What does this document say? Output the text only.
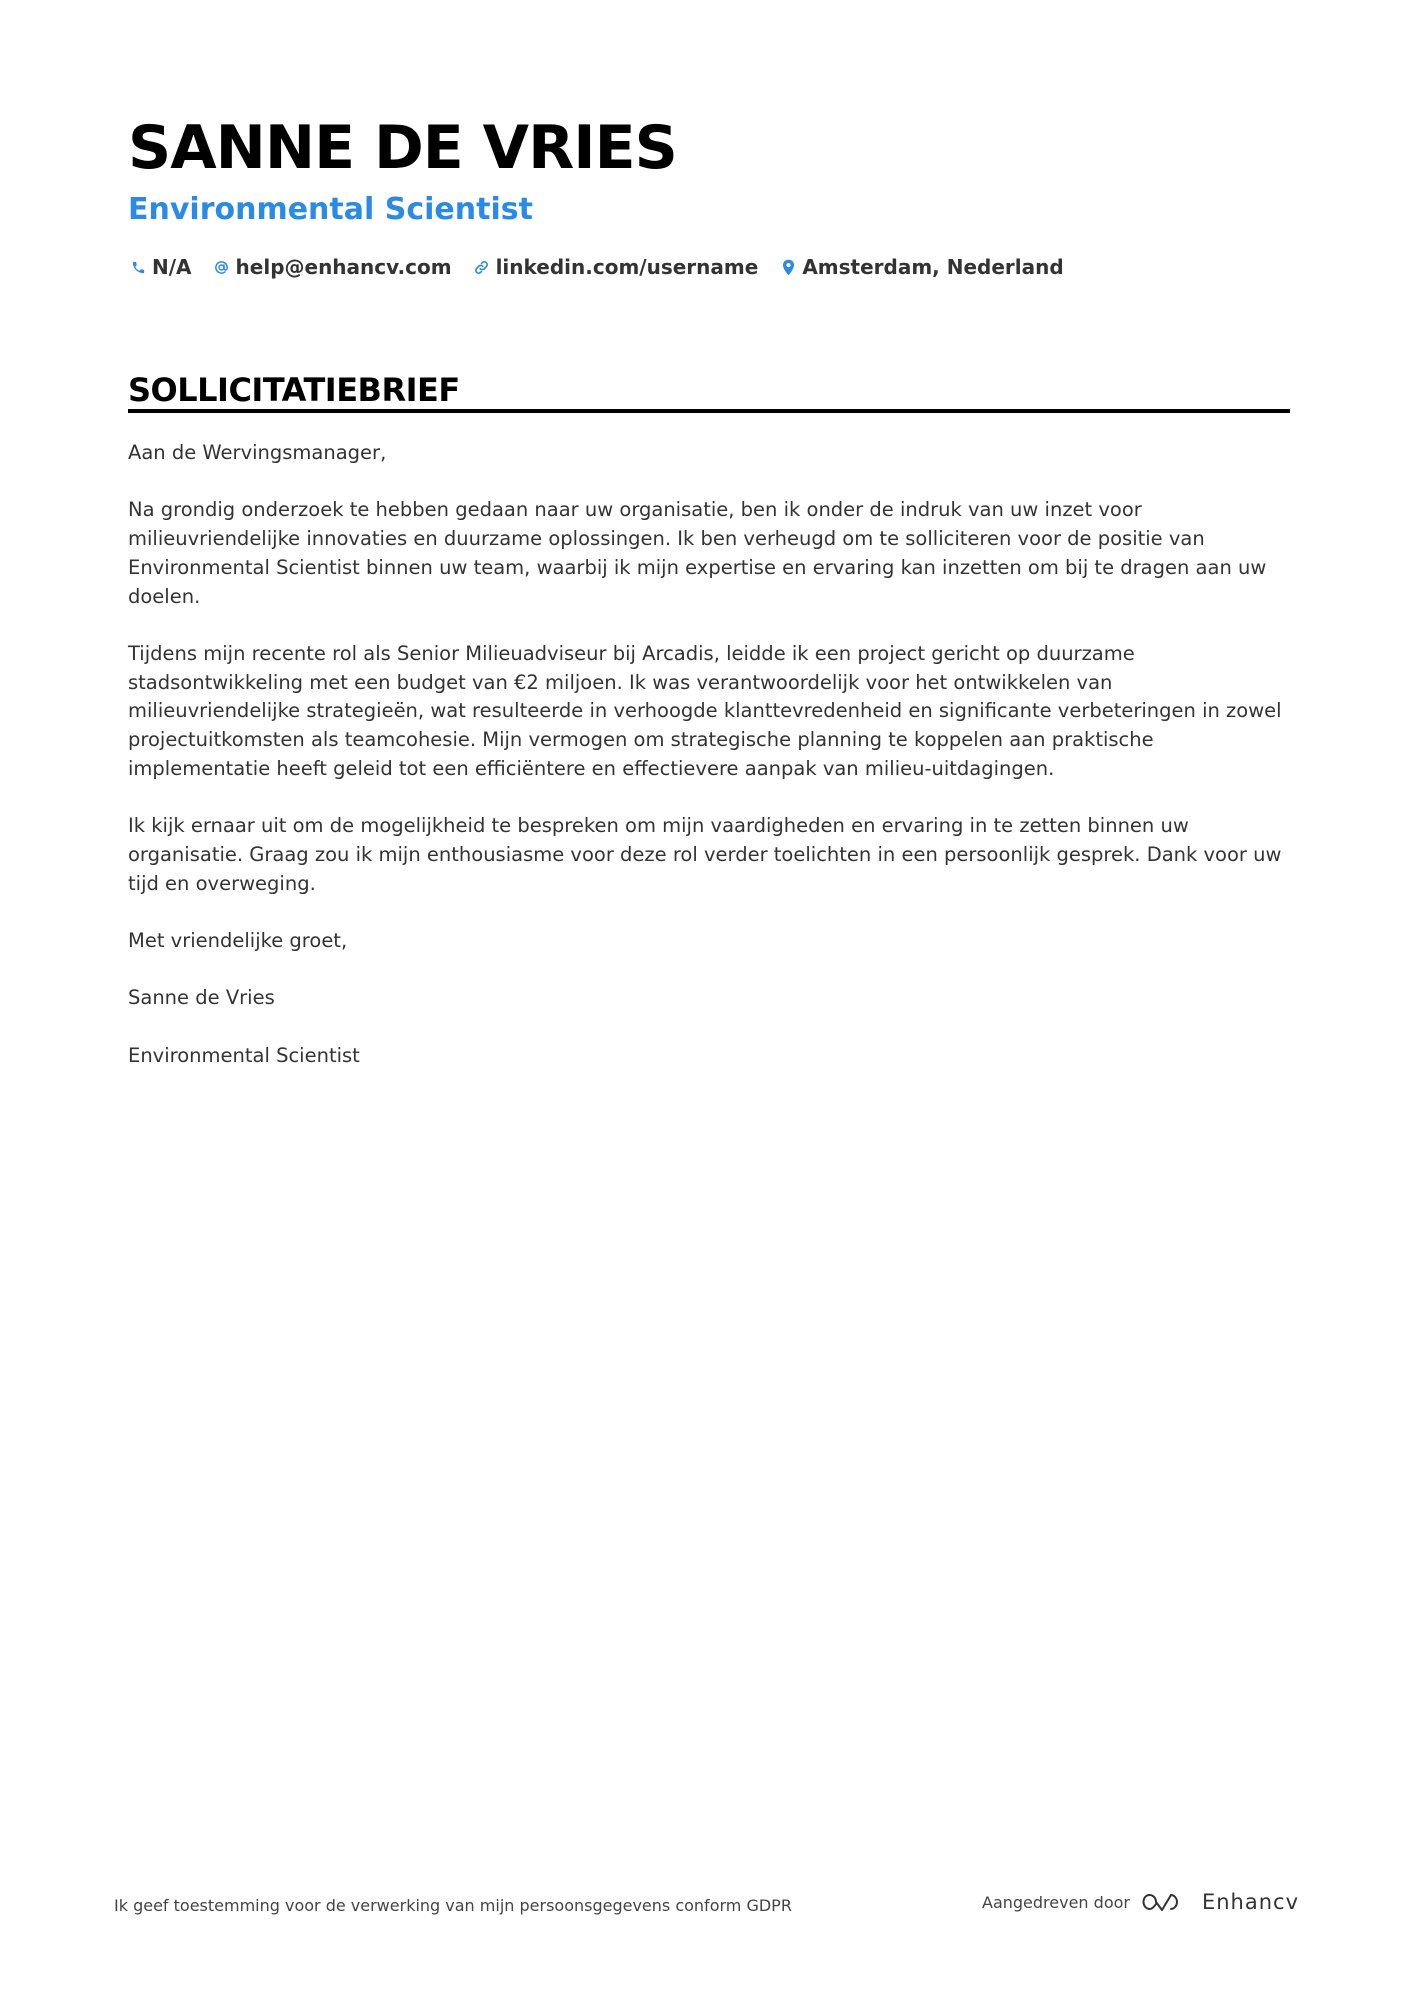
SANNE DE VRIES
Environmental Scientist
N/A help@enhancv.com linkedin.com/username Amsterdam, Nederland
SOLLICITATIEBRIEF

Aan de Wervingsmanager,

Na grondig onderzoek te hebben gedaan naar uw organisatie, ben ik onder de indruk van uw inzet voor milieuvriendelijke innovaties en duurzame oplossingen. Ik ben verheugd om te solliciteren voor de positie van Environmental Scientist binnen uw team, waarbij ik mijn expertise en ervaring kan inzetten om bij te dragen aan uw doelen.

Tijdens mijn recente rol als Senior Milieuadviseur bij Arcadis, leidde ik een project gericht op duurzame stadsontwikkeling met een budget van €2 miljoen. Ik was verantwoordelijk voor het ontwikkelen van milieuvriendelijke strategieën, wat resulteerde in verhoogde klanttevredenheid en significante verbeteringen in zowel projectuitkomsten als teamcohesie. Mijn vermogen om strategische planning te koppelen aan praktische implementatie heeft geleid tot een efficiëntere en effectievere aanpak van milieu-uitdagingen.

Ik kijk ernaar uit om de mogelijkheid te bespreken om mijn vaardigheden en ervaring in te zetten binnen uw organisatie. Graag zou ik mijn enthousiasme voor deze rol verder toelichten in een persoonlijk gesprek. Dank voor uw tijd en overweging.

Met vriendelijke groet,

Sanne de Vries

Environmental Scientist

Ik geef toestemming voor de verwerking van mijn persoonsgegevens conform GDPR	Aangedreven door	Enhancv
